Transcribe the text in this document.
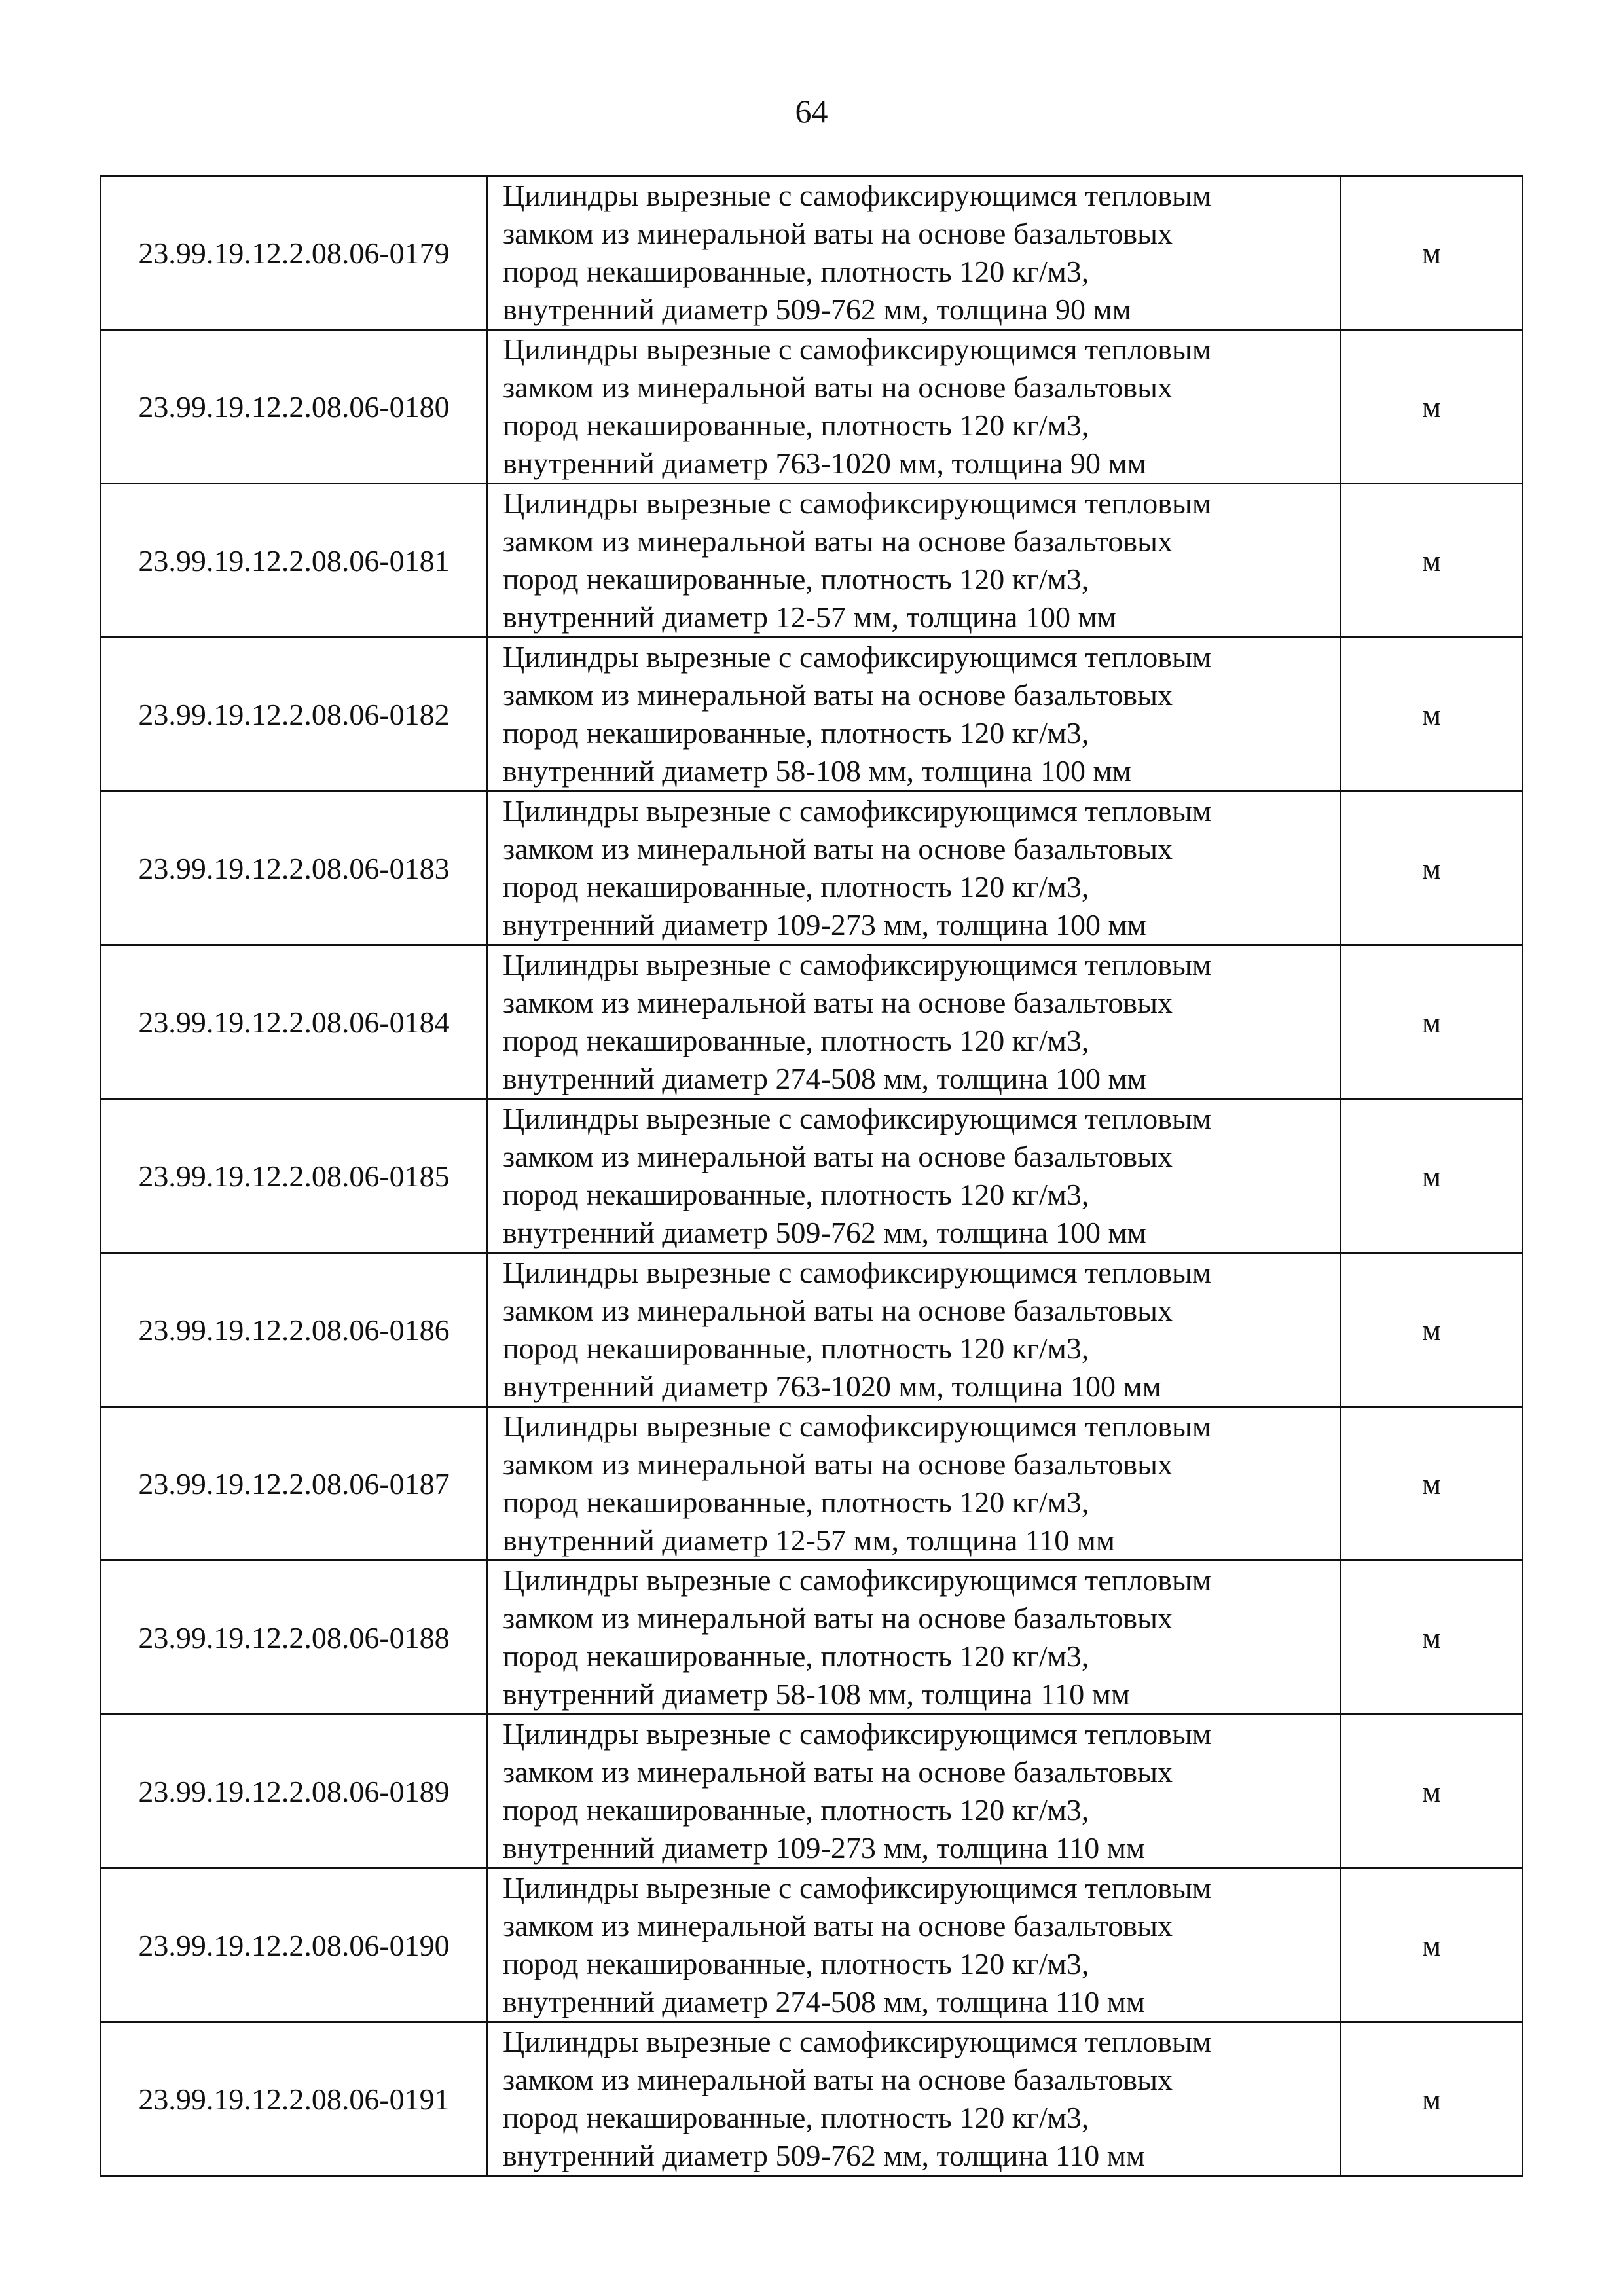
64
23.99.19.12.2.08.06-0179	Цилиндры вырезные с самофиксирующимся тепловым
замком из минеральной ваты на основе базальтовых
пород некашированные, плотность 120 кг/м3,
внутренний диаметр 509-762 мм, толщина 90 мм	м
23.99.19.12.2.08.06-0180	Цилиндры вырезные с самофиксирующимся тепловым
замком из минеральной ваты на основе базальтовых
пород некашированные, плотность 120 кг/м3,
внутренний диаметр 763-1020 мм, толщина 90 мм	м
23.99.19.12.2.08.06-0181	Цилиндры вырезные с самофиксирующимся тепловым
замком из минеральной ваты на основе базальтовых
пород некашированные, плотность 120 кг/м3,
внутренний диаметр 12-57 мм, толщина 100 мм	м
23.99.19.12.2.08.06-0182	Цилиндры вырезные с самофиксирующимся тепловым
замком из минеральной ваты на основе базальтовых
пород некашированные, плотность 120 кг/м3,
внутренний диаметр 58-108 мм, толщина 100 мм	м
23.99.19.12.2.08.06-0183	Цилиндры вырезные с самофиксирующимся тепловым
замком из минеральной ваты на основе базальтовых
пород некашированные, плотность 120 кг/м3,
внутренний диаметр 109-273 мм, толщина 100 мм	м
23.99.19.12.2.08.06-0184	Цилиндры вырезные с самофиксирующимся тепловым
замком из минеральной ваты на основе базальтовых
пород некашированные, плотность 120 кг/м3,
внутренний диаметр 274-508 мм, толщина 100 мм	м
23.99.19.12.2.08.06-0185	Цилиндры вырезные с самофиксирующимся тепловым
замком из минеральной ваты на основе базальтовых
пород некашированные, плотность 120 кг/м3,
внутренний диаметр 509-762 мм, толщина 100 мм	м
23.99.19.12.2.08.06-0186	Цилиндры вырезные с самофиксирующимся тепловым
замком из минеральной ваты на основе базальтовых
пород некашированные, плотность 120 кг/м3,
внутренний диаметр 763-1020 мм, толщина 100 мм	м
23.99.19.12.2.08.06-0187	Цилиндры вырезные с самофиксирующимся тепловым
замком из минеральной ваты на основе базальтовых
пород некашированные, плотность 120 кг/м3,
внутренний диаметр 12-57 мм, толщина 110 мм	м
23.99.19.12.2.08.06-0188	Цилиндры вырезные с самофиксирующимся тепловым
замком из минеральной ваты на основе базальтовых
пород некашированные, плотность 120 кг/м3,
внутренний диаметр 58-108 мм, толщина 110 мм	м
23.99.19.12.2.08.06-0189	Цилиндры вырезные с самофиксирующимся тепловым
замком из минеральной ваты на основе базальтовых
пород некашированные, плотность 120 кг/м3,
внутренний диаметр 109-273 мм, толщина 110 мм	м
23.99.19.12.2.08.06-0190	Цилиндры вырезные с самофиксирующимся тепловым
замком из минеральной ваты на основе базальтовых
пород некашированные, плотность 120 кг/м3,
внутренний диаметр 274-508 мм, толщина 110 мм	м
23.99.19.12.2.08.06-0191	Цилиндры вырезные с самофиксирующимся тепловым
замком из минеральной ваты на основе базальтовых
пород некашированные, плотность 120 кг/м3,
внутренний диаметр 509-762 мм, толщина 110 мм	м
